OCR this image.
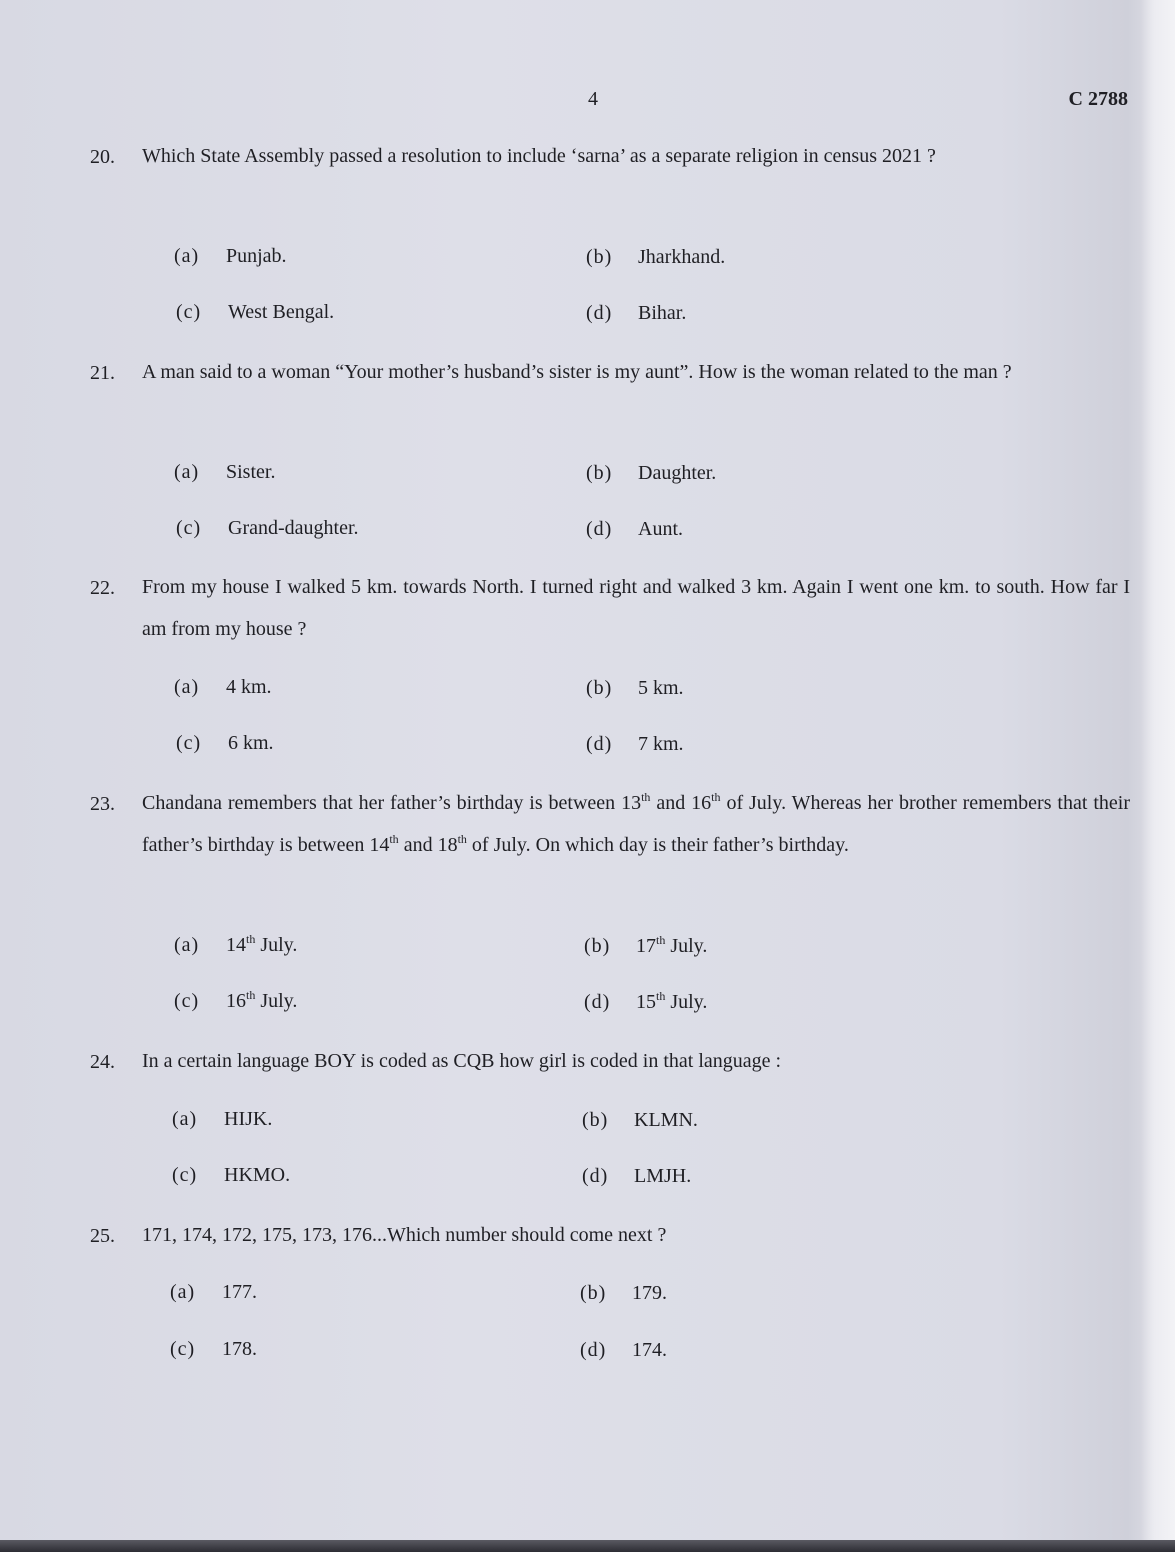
4	C 2788
20. Which State Assembly passed a resolution to include ‘sarna’ as a separate religion in census 2021 ?
(a) Punjab.	(b) Jharkhand.
(c) West Bengal.	(d) Bihar.
21. A man said to a woman “Your mother’s husband’s sister is my aunt”. How is the woman related to the man ?
(a) Sister.	(b) Daughter.
(c) Grand-daughter.	(d) Aunt.
22. From my house I walked 5 km. towards North. I turned right and walked 3 km. Again I went one km. to south. How far I am from my house ?
(a) 4 km.	(b) 5 km.
(c) 6 km.	(d) 7 km.
23. Chandana remembers that her father’s birthday is between 13th and 16th of July. Whereas her brother remembers that their father’s birthday is between 14th and 18th of July. On which day is their father’s birthday.
(a) 14th July.	(b) 17th July.
(c) 16th July.	(d) 15th July.
24. In a certain language BOY is coded as CQB how girl is coded in that language :
(a) HIJK.	(b) KLMN.
(c) HKMO.	(d) LMJH.
25. 171, 174, 172, 175, 173, 176...Which number should come next ?
(a) 177.	(b) 179.
(c) 178.	(d) 174.
